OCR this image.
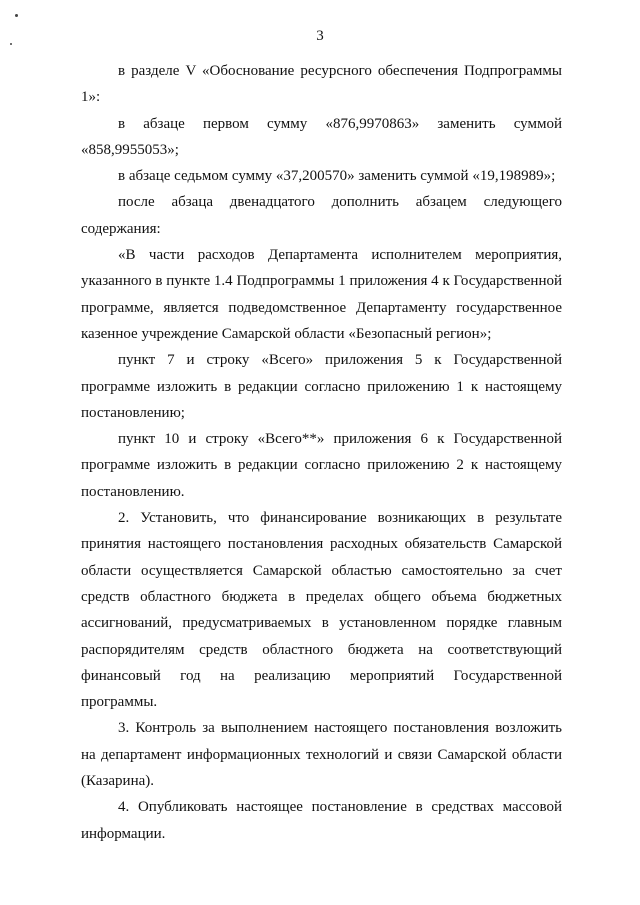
3

в разделе V «Обоснование ресурсного обеспечения Подпрограммы 1»:

в абзаце первом сумму «876,9970863» заменить суммой «858,9955053»;

в абзаце седьмом сумму «37,200570» заменить суммой «19,198989»;

после абзаца двенадцатого дополнить абзацем следующего содержания:

«В части расходов Департамента исполнителем мероприятия, указанного в пункте 1.4 Подпрограммы 1 приложения 4 к Государственной программе, является подведомственное Департаменту государственное казенное учреждение Самарской области «Безопасный регион»;

пункт 7 и строку «Всего» приложения 5 к Государственной программе изложить в редакции согласно приложению 1 к настоящему постановлению;

пункт 10 и строку «Всего**» приложения 6 к Государственной программе изложить в редакции согласно приложению 2 к настоящему постановлению.

2. Установить, что финансирование возникающих в результате принятия настоящего постановления расходных обязательств Самарской области осуществляется Самарской областью самостоятельно за счет средств областного бюджета в пределах общего объема бюджетных ассигнований, предусматриваемых в установленном порядке главным распорядителям средств областного бюджета на соответствующий финансовый год на реализацию мероприятий Государственной программы.

3. Контроль за выполнением настоящего постановления возложить на департамент информационных технологий и связи Самарской области (Казарина).

4. Опубликовать настоящее постановление в средствах массовой информации.
